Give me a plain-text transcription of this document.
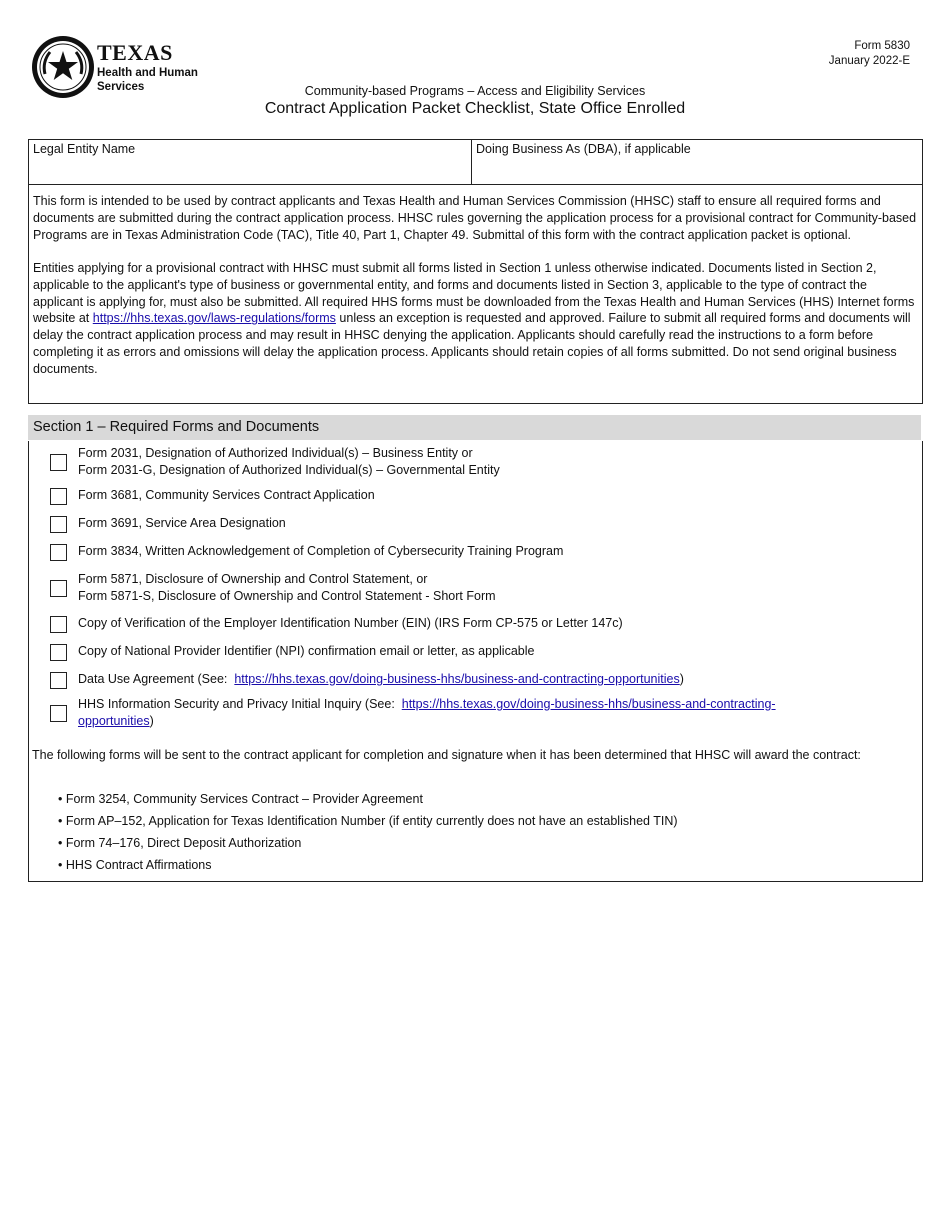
TEXAS
Health and Human
Services
Form 5830
January 2022-E
Community-based Programs – Access and Eligibility Services
Contract Application Packet Checklist, State Office Enrolled
Legal Entity Name	Doing Business As (DBA), if applicable

This form is intended to be used by contract applicants and Texas Health and Human Services Commission (HHSC) staff to ensure all required forms and documents are submitted during the contract application process. HHSC rules governing the application process for a provisional contract for Community-based Programs are in Texas Administration Code (TAC), Title 40, Part 1, Chapter 49. Submittal of this form with the contract application packet is optional.

Entities applying for a provisional contract with HHSC must submit all forms listed in Section 1 unless otherwise indicated. Documents listed in Section 2, applicable to the applicant's type of business or governmental entity, and forms and documents listed in Section 3, applicable to the type of contract the applicant is applying for, must also be submitted. All required HHS forms must be downloaded from the Texas Health and Human Services (HHS) Internet forms website at https://hhs.texas.gov/laws-regulations/forms unless an exception is requested and approved. Failure to submit all required forms and documents will delay the contract application process and may result in HHSC denying the application. Applicants should carefully read the instructions to a form before completing it as errors and omissions will delay the application process. Applicants should retain copies of all forms submitted. Do not send original business documents.

Section 1 – Required Forms and Documents
Form 2031, Designation of Authorized Individual(s) – Business Entity or
Form 2031-G, Designation of Authorized Individual(s) – Governmental Entity
Form 3681, Community Services Contract Application
Form 3691, Service Area Designation
Form 3834, Written Acknowledgement of Completion of Cybersecurity Training Program
Form 5871, Disclosure of Ownership and Control Statement, or
Form 5871-S, Disclosure of Ownership and Control Statement - Short Form
Copy of Verification of the Employer Identification Number (EIN) (IRS Form CP-575 or Letter 147c)
Copy of National Provider Identifier (NPI) confirmation email or letter, as applicable
Data Use Agreement (See:  https://hhs.texas.gov/doing-business-hhs/business-and-contracting-opportunities)
HHS Information Security and Privacy Initial Inquiry (See:  https://hhs.texas.gov/doing-business-hhs/business-and-contracting-
opportunities)
The following forms will be sent to the contract applicant for completion and signature when it has been determined that HHSC will award the contract:
• Form 3254, Community Services Contract – Provider Agreement
• Form AP–152, Application for Texas Identification Number (if entity currently does not have an established TIN)
• Form 74–176, Direct Deposit Authorization
• HHS Contract Affirmations
